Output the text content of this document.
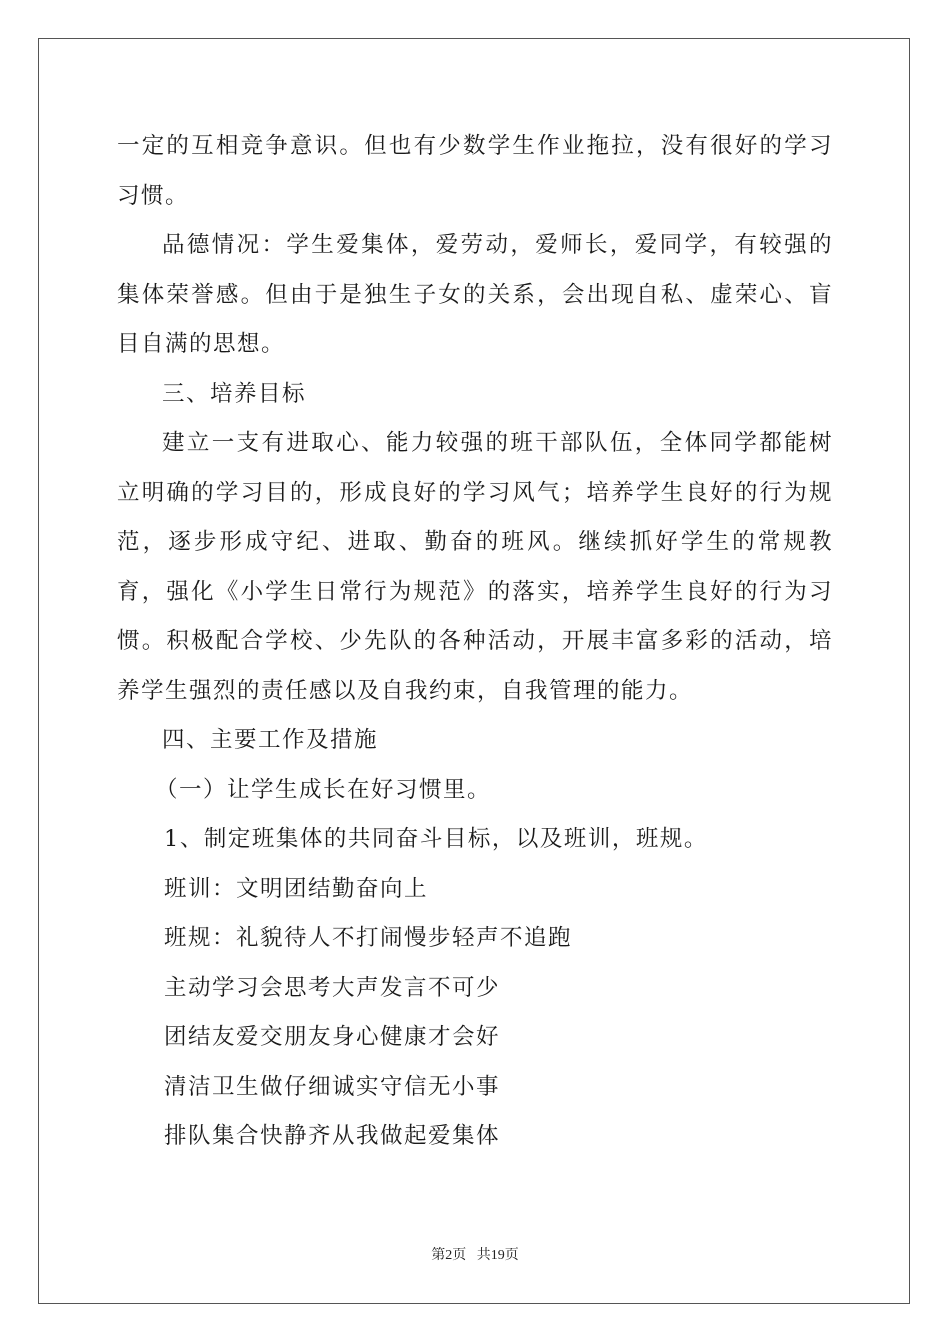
一定的互相竞争意识。但也有少数学生作业拖拉，没有很好的学习习惯。

品德情况：学生爱集体，爱劳动，爱师长，爱同学，有较强的集体荣誉感。但由于是独生子女的关系，会出现自私、虚荣心、盲目自满的思想。

三、培养目标

建立一支有进取心、能力较强的班干部队伍，全体同学都能树立明确的学习目的，形成良好的学习风气；培养学生良好的行为规范，逐步形成守纪、进取、勤奋的班风。继续抓好学生的常规教育，强化《小学生日常行为规范》的落实，培养学生良好的行为习惯。积极配合学校、少先队的各种活动，开展丰富多彩的活动，培养学生强烈的责任感以及自我约束，自我管理的能力。

四、主要工作及措施

（一）让学生成长在好习惯里。

1、制定班集体的共同奋斗目标，以及班训，班规。

班训：文明团结勤奋向上

班规：礼貌待人不打闹慢步轻声不追跑

主动学习会思考大声发言不可少

团结友爱交朋友身心健康才会好

清洁卫生做仔细诚实守信无小事

排队集合快静齐从我做起爱集体

第2页   共19页
